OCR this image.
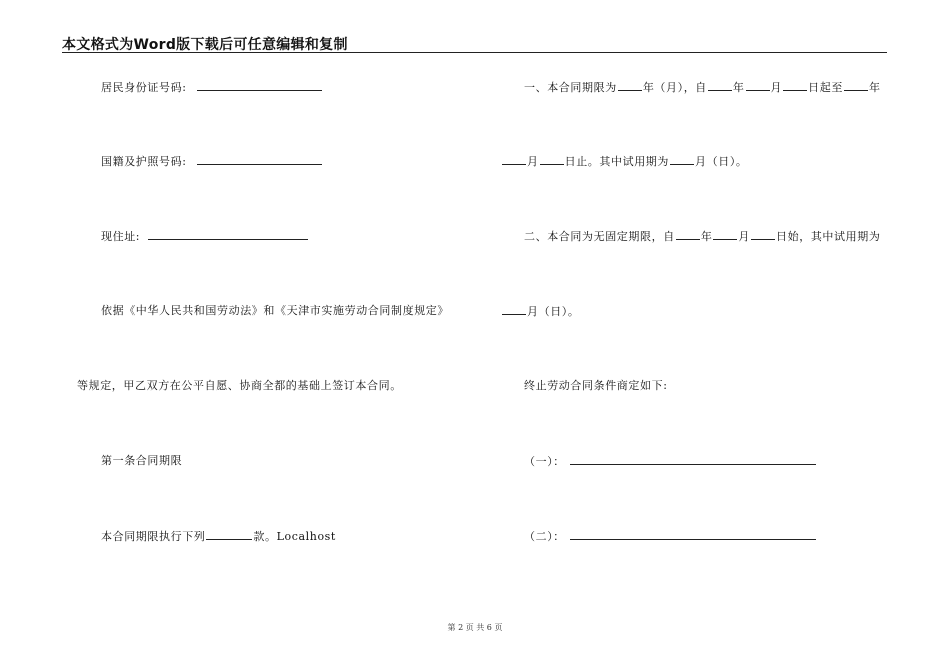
本文格式为Word版下载后可任意编辑和复制
居民身份证号码:
国籍及护照号码:
现住址:
依据《中华人民共和国劳动法》和《天津市实施劳动合同制度规定》
等规定，甲乙双方在公平自愿、协商全都的基础上签订本合同。
第一条合同期限
本合同期限执行下列	款。Localhost
一、本合同期限为 年（月），自 年 月 日起至 年
月 日止。其中试用期为 月（日）。
二、本合同为无固定期限，自 年 月 日始，其中试用期为
月（日）。
终止劳动合同条件商定如下:
（一）：
（二）：
第 2 页 共 6 页
